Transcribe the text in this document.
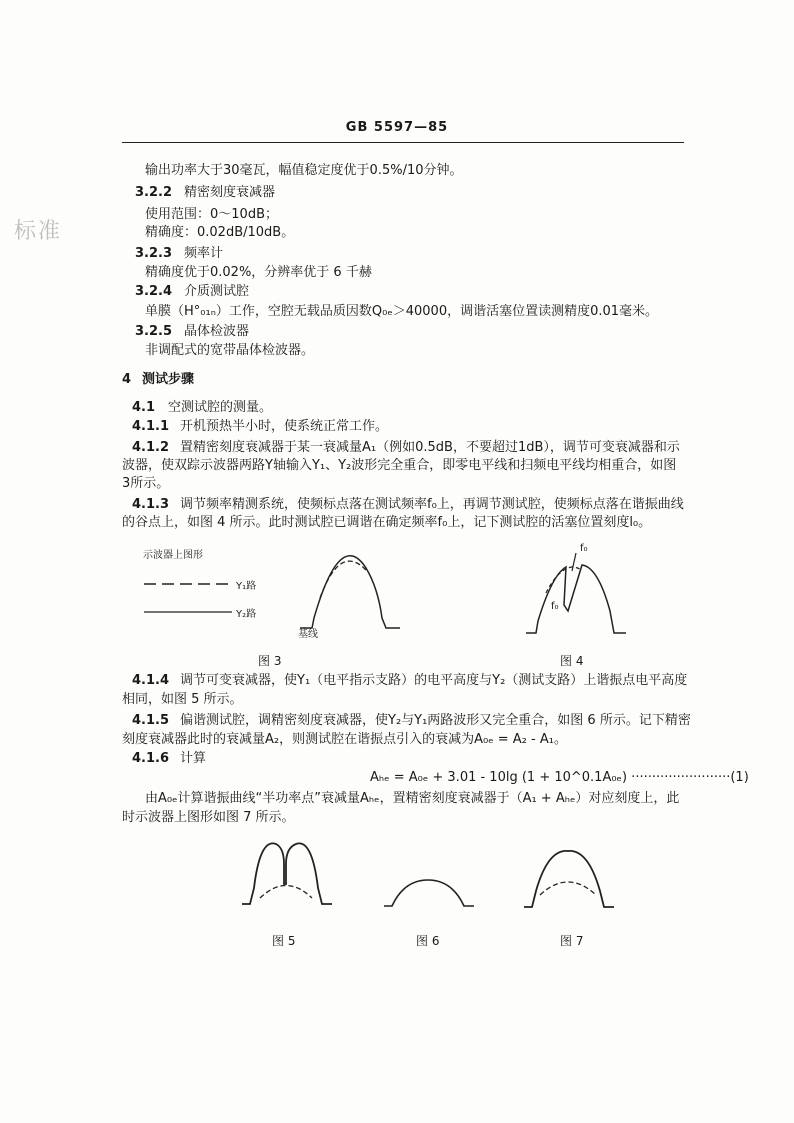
GB 5597—85
标准
输出功率大于30毫瓦，幅值稳定度优于0.5%/10分钟。
3.2.2 精密刻度衰减器
使用范围：0～10dB；
精确度：0.02dB/10dB。
3.2.3 频率计
精确度优于0.02%，分辨率优于 6 千赫
3.2.4 介质测试腔
单膜（H°₀₁ₙ）工作，空腔无载品质因数Q₀ₑ＞40000，调谐活塞位置读测精度0.01毫米。
3.2.5 晶体检波器
非调配式的宽带晶体检波器。
4 测试步骤
4.1 空测试腔的测量。
4.1.1 开机预热半小时，使系统正常工作。
4.1.2 置精密刻度衰减器于某一衰减量A₁（例如0.5dB，不要超过1dB），调节可变衰减器和示
波器，使双踪示波器两路Y轴输入Y₁、Y₂波形完全重合，即零电平线和扫频电平线均相重合，如图
3所示。
4.1.3 调节频率精测系统，使频标点落在测试频率f₀上，再调节测试腔，使频标点落在谐振曲线
的谷点上，如图 4 所示。此时测试腔已调谐在确定频率f₀上，记下测试腔的活塞位置刻度l₀。
示波器上图形
Y₁路
Y₂路
基线
图 3
f₀
f₀
图 4
4.1.4 调节可变衰减器，使Y₁（电平指示支路）的电平高度与Y₂（测试支路）上谐振点电平高度
相同，如图 5 所示。
4.1.5 偏谐测试腔，调精密刻度衰减器，使Y₂与Y₁两路波形又完全重合，如图 6 所示。记下精密
刻度衰减器此时的衰减量A₂，则测试腔在谐振点引入的衰减为A₀ₑ = A₂ - A₁。
4.1.6 计算
Aₕₑ = A₀ₑ + 3.01 - 10lg (1 + 10^0.1A₀ₑ) ························(1)
由A₀ₑ计算谐振曲线“半功率点”衰减量Aₕₑ，置精密刻度衰减器于（A₁ + Aₕₑ）对应刻度上，此
时示波器上图形如图 7 所示。
图 5	图 6	图 7
